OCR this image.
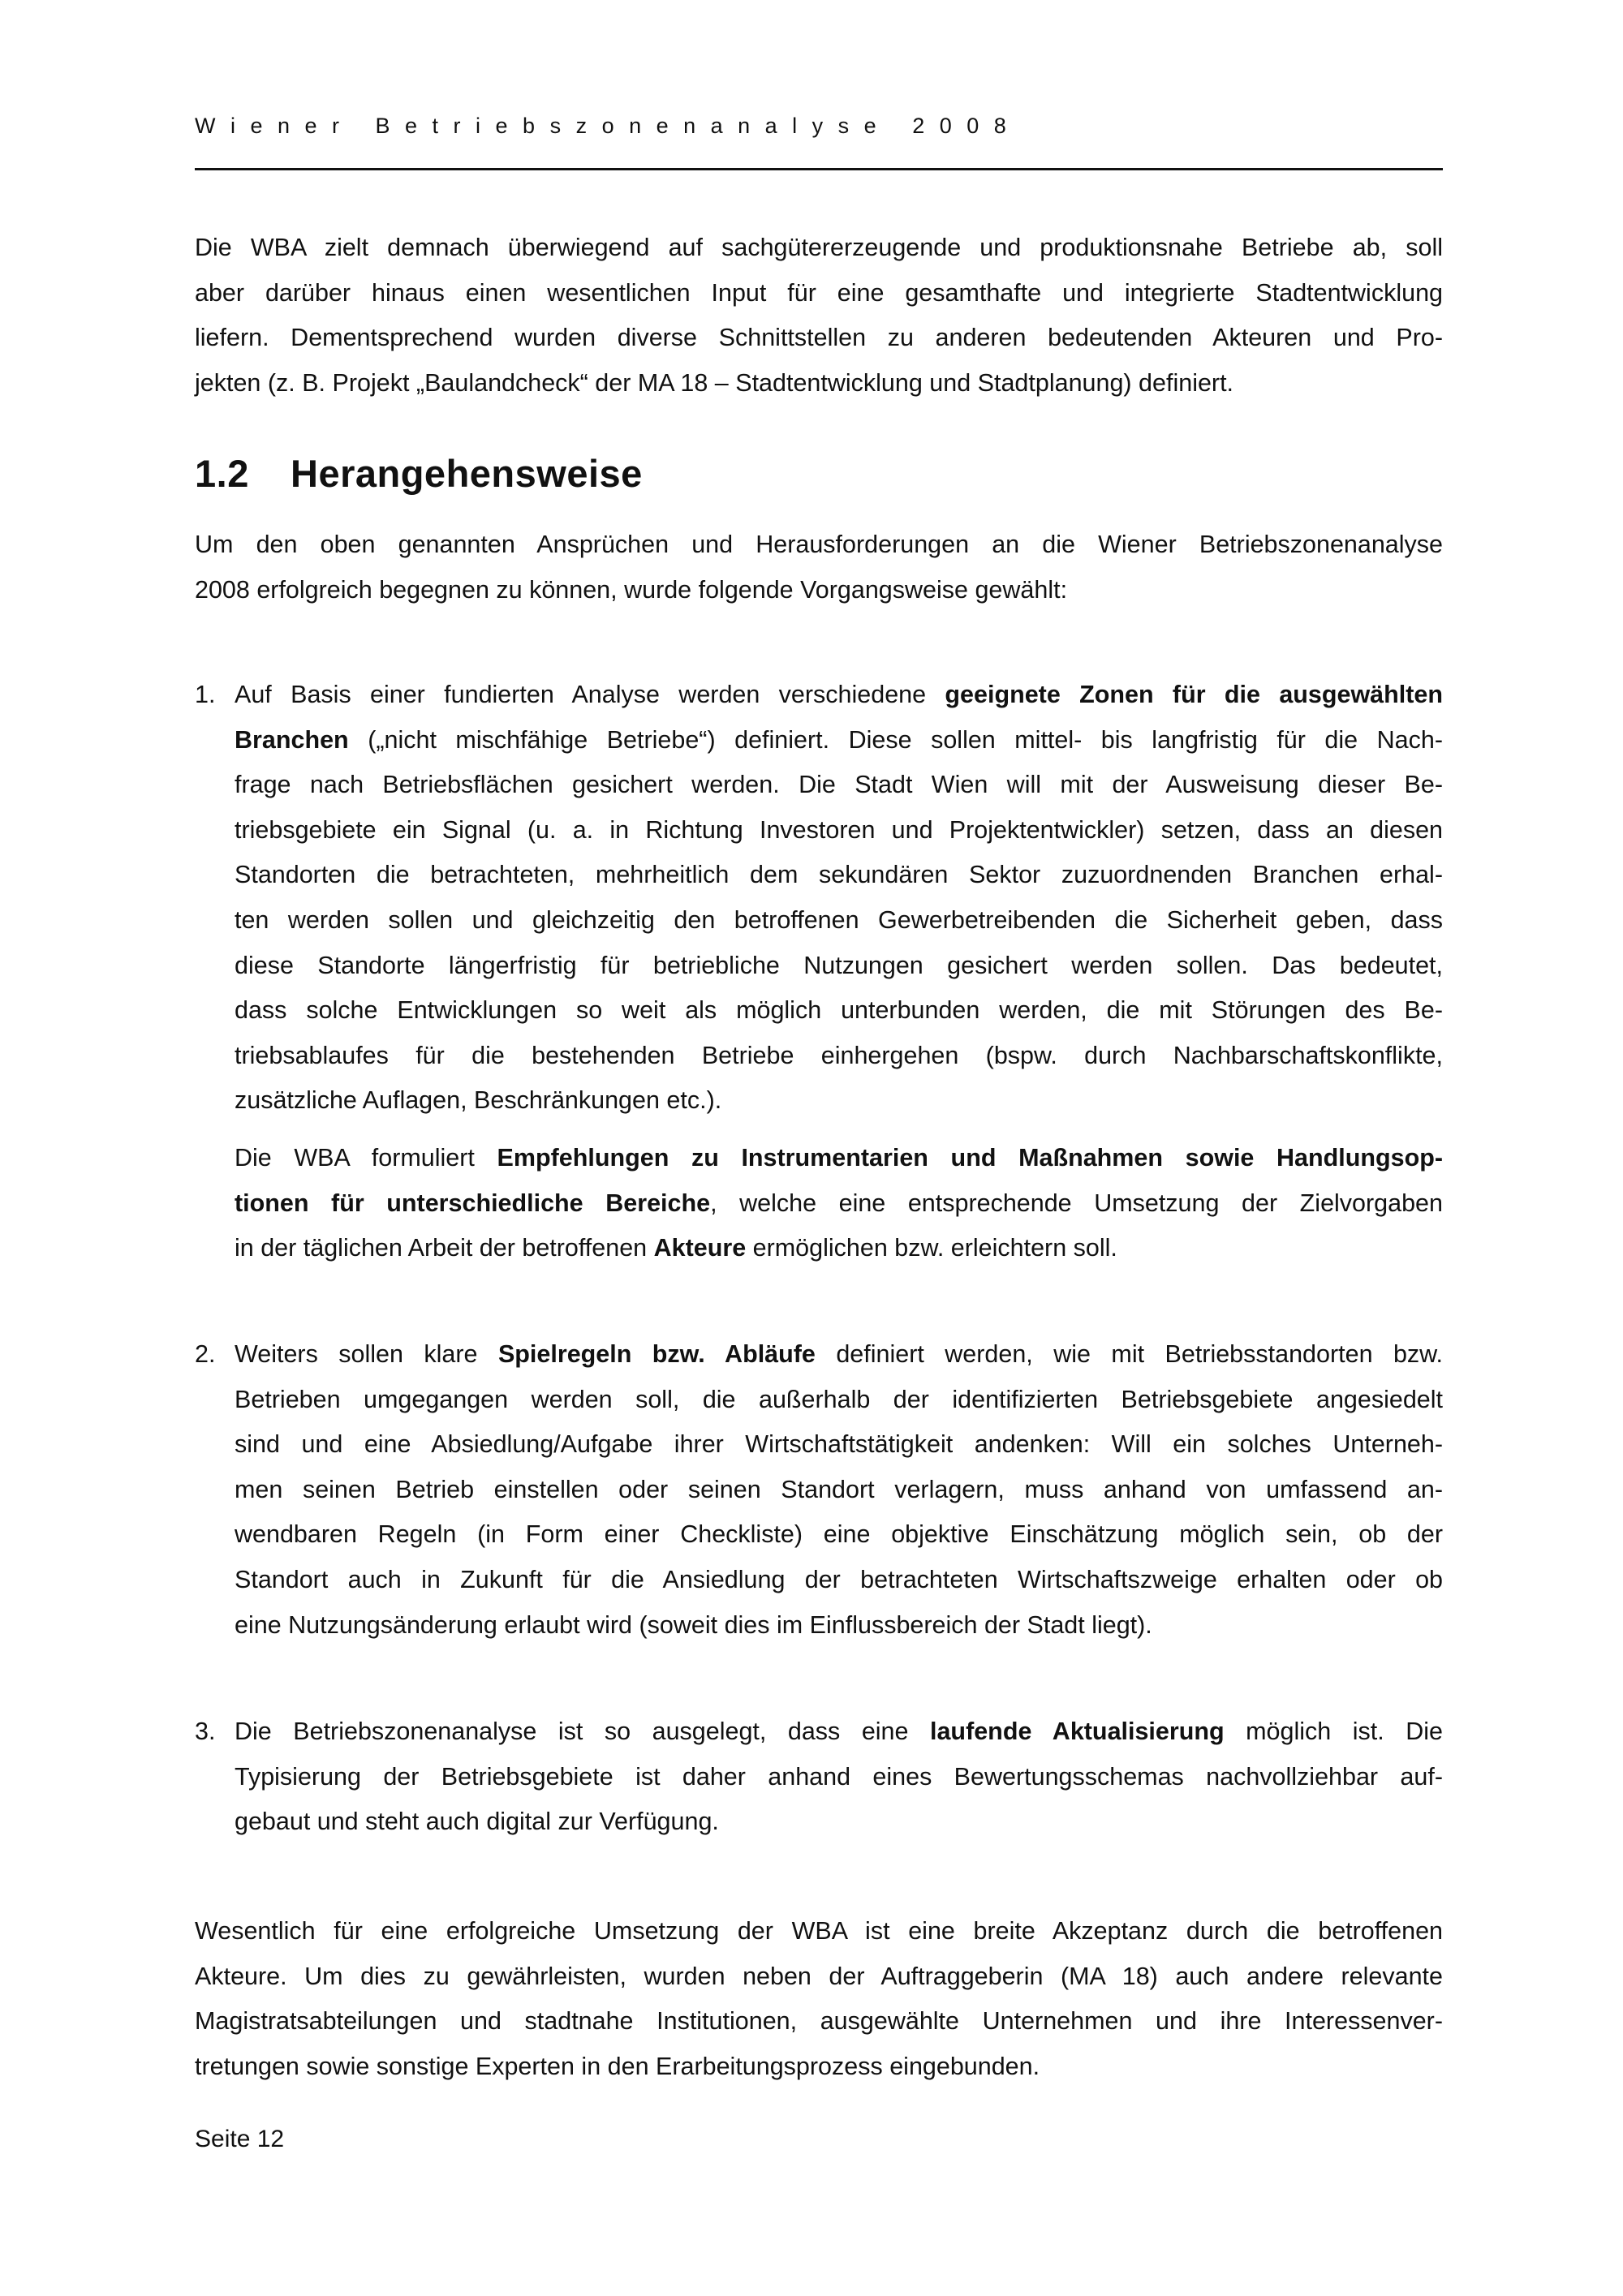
Wiener Betriebszonenanalyse 2008
1.2 Herangehensweise
Die WBA zielt demnach überwiegend auf sachgütererzeugende und produktionsnahe Betriebe ab, soll
aber darüber hinaus einen wesentlichen Input für eine gesamthafte und integrierte Stadtentwicklung
liefern. Dementsprechend wurden diverse Schnittstellen zu anderen bedeutenden Akteuren und Pro-
jekten (z. B. Projekt „Baulandcheck“ der MA 18 – Stadtentwicklung und Stadtplanung) definiert.
Um den oben genannten Ansprüchen und Herausforderungen an die Wiener Betriebszonenanalyse
2008 erfolgreich begegnen zu können, wurde folgende Vorgangsweise gewählt:
1. Auf Basis einer fundierten Analyse werden verschiedene geeignete Zonen für die ausgewählten
Branchen („nicht mischfähige Betriebe“) definiert. Diese sollen mittel- bis langfristig für die Nach-
frage nach Betriebsflächen gesichert werden. Die Stadt Wien will mit der Ausweisung dieser Be-
triebsgebiete ein Signal (u. a. in Richtung Investoren und Projektentwickler) setzen, dass an diesen
Standorten die betrachteten, mehrheitlich dem sekundären Sektor zuzuordnenden Branchen erhal-
ten werden sollen und gleichzeitig den betroffenen Gewerbetreibenden die Sicherheit geben, dass
diese Standorte längerfristig für betriebliche Nutzungen gesichert werden sollen. Das bedeutet,
dass solche Entwicklungen so weit als möglich unterbunden werden, die mit Störungen des Be-
triebsablaufes für die bestehenden Betriebe einhergehen (bspw. durch Nachbarschaftskonflikte,
zusätzliche Auflagen, Beschränkungen etc.).
Die WBA formuliert Empfehlungen zu Instrumentarien und Maßnahmen sowie Handlungsop-
tionen für unterschiedliche Bereiche, welche eine entsprechende Umsetzung der Zielvorgaben
in der täglichen Arbeit der betroffenen Akteure ermöglichen bzw. erleichtern soll.
2. Weiters sollen klare Spielregeln bzw. Abläufe definiert werden, wie mit Betriebsstandorten bzw.
Betrieben umgegangen werden soll, die außerhalb der identifizierten Betriebsgebiete angesiedelt
sind und eine Absiedlung/Aufgabe ihrer Wirtschaftstätigkeit andenken: Will ein solches Unterneh-
men seinen Betrieb einstellen oder seinen Standort verlagern, muss anhand von umfassend an-
wendbaren Regeln (in Form einer Checkliste) eine objektive Einschätzung möglich sein, ob der
Standort auch in Zukunft für die Ansiedlung der betrachteten Wirtschaftszweige erhalten oder ob
eine Nutzungsänderung erlaubt wird (soweit dies im Einflussbereich der Stadt liegt).
3. Die Betriebszonenanalyse ist so ausgelegt, dass eine laufende Aktualisierung möglich ist. Die
Typisierung der Betriebsgebiete ist daher anhand eines Bewertungsschemas nachvollziehbar auf-
gebaut und steht auch digital zur Verfügung.
Wesentlich für eine erfolgreiche Umsetzung der WBA ist eine breite Akzeptanz durch die betroffenen
Akteure. Um dies zu gewährleisten, wurden neben der Auftraggeberin (MA 18) auch andere relevante
Magistratsabteilungen und stadtnahe Institutionen, ausgewählte Unternehmen und ihre Interessenver-
tretungen sowie sonstige Experten in den Erarbeitungsprozess eingebunden.
Seite 12
